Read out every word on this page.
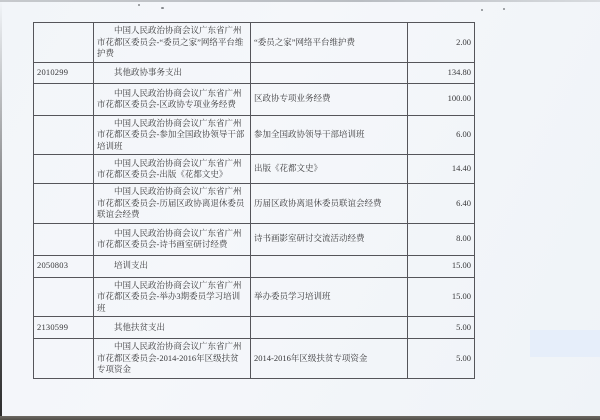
	中国人民政治协商会议广东省广州市花都区委员会-“委员之家”网络平台维护费	“委员之家”网络平台维护费	2.00
2010299	其他政协事务支出		134.80
	中国人民政治协商会议广东省广州市花都区委员会-区政协专项业务经费	区政协专项业务经费	100.00
	中国人民政治协商会议广东省广州市花都区委员会-参加全国政协领导干部培训班	参加全国政协领导干部培训班	6.00
	中国人民政治协商会议广东省广州市花都区委员会-出版《花都文史》	出版《花都文史》	14.40
	中国人民政治协商会议广东省广州市花都区委员会-历届区政协离退休委员联谊会经费	历届区政协离退休委员联谊会经费	6.40
	中国人民政治协商会议广东省广州市花都区委员会-诗书画室研讨经费	诗书画影室研讨交流活动经费	8.00
2050803	培训支出		15.00
	中国人民政治协商会议广东省广州市花都区委员会-举办3期委员学习培训班	举办委员学习培训班	15.00
2130599	其他扶贫支出		5.00
	中国人民政治协商会议广东省广州市花都区委员会-2014-2016年区级扶贫专项资金	2014-2016年区级扶贫专项资金	5.00
